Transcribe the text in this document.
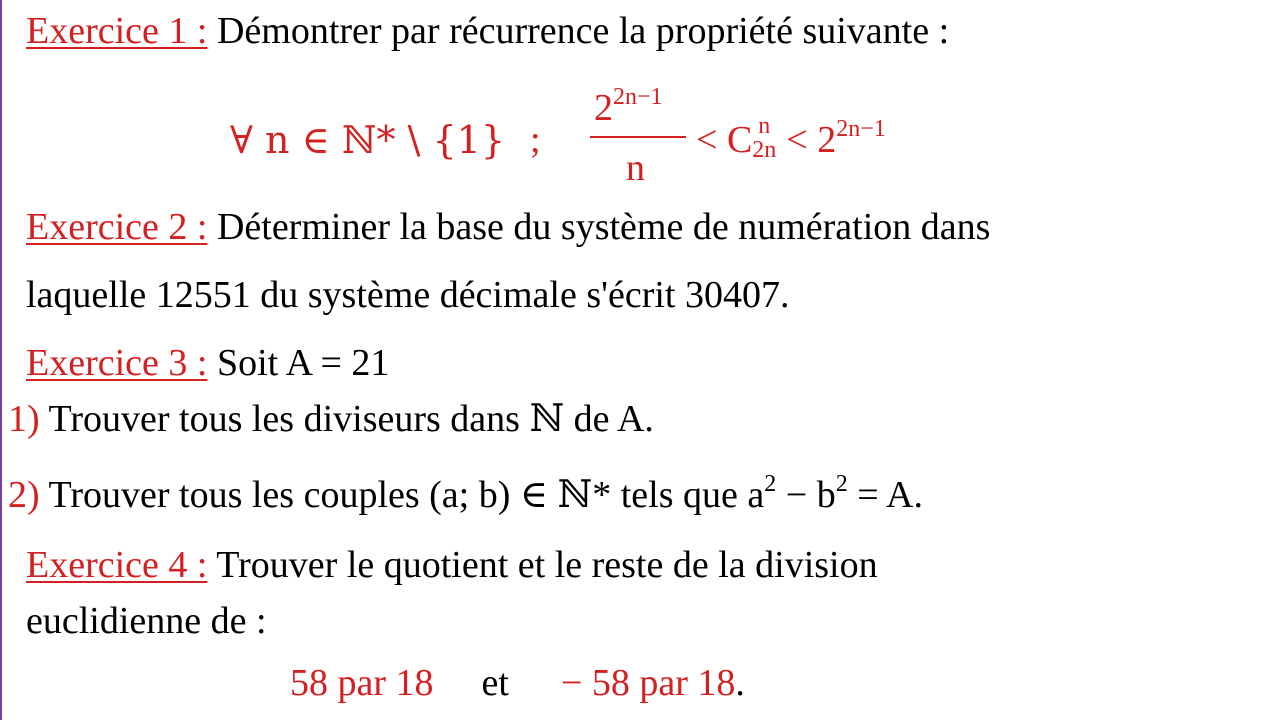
Exercice 1 : Démontrer par récurrence la propriété suivante :
∀ n ∈ ℕ* \ {1} ;
$2^{2n-1}$
n
< C n
$2n < 2^{2n-1}$
Exercice 2 : Déterminer la base du système de numération dans
laquelle 12551 du système décimale s'écrit 30407.
Exercice 3 : Soit A = 21
1) Trouver tous les diviseurs dans ℕ de A.
2) Trouver tous les couples (a; b) ∈ ℕ* tels que $a^2 - b^2 = A$.
Exercice 4 : Trouver le quotient et le reste de la division
euclidienne de :
58 par 18 et − 58 par 18.
